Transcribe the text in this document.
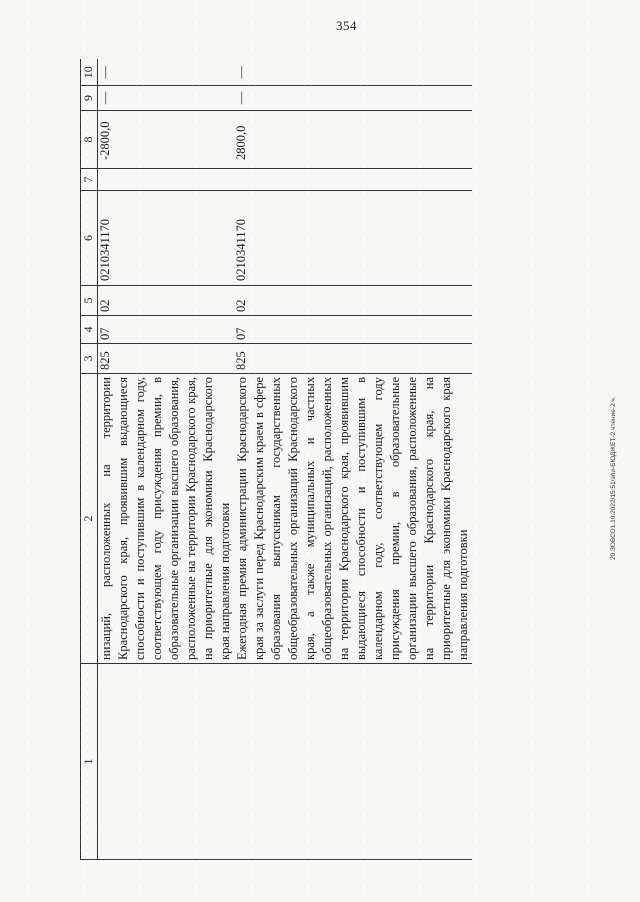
354
1	2	3	4	5	6	7	8	9	10
	низаций, расположенных на территории Краснодарского края, проявившим выдающиеся способности и поступившим в календарном году, соответствующем году присуждения премии, в образовательные организации высшего образования, расположенные на территории Краснодарского края, на приоритетные для экономики Краснодарского края направления подготовки	825	07	02	0210341170		-2800,0	—	—
	Ежегодная премия администрации Краснодарского края за заслуги перед Краснодарским краем в сфере образования выпускникам государственных общеобразовательных организаций Краснодарского края, а также муниципальных и частных общеобразовательных организаций, расположенных на территории Краснодарского края, проявившим выдающиеся способности и поступившим в календарном году, соответствующем году присуждения премии, в образовательные организации высшего образования, расположенные на территории Краснодарского края, на приоритетные для экономики Краснодарского края направления подготовки	825	07	02	0210341170		2800,0	—	—
20.ЗОВСО1.10.2022/15:51/эли-БЮДЖЕТ-2 чтение-2 ч.
